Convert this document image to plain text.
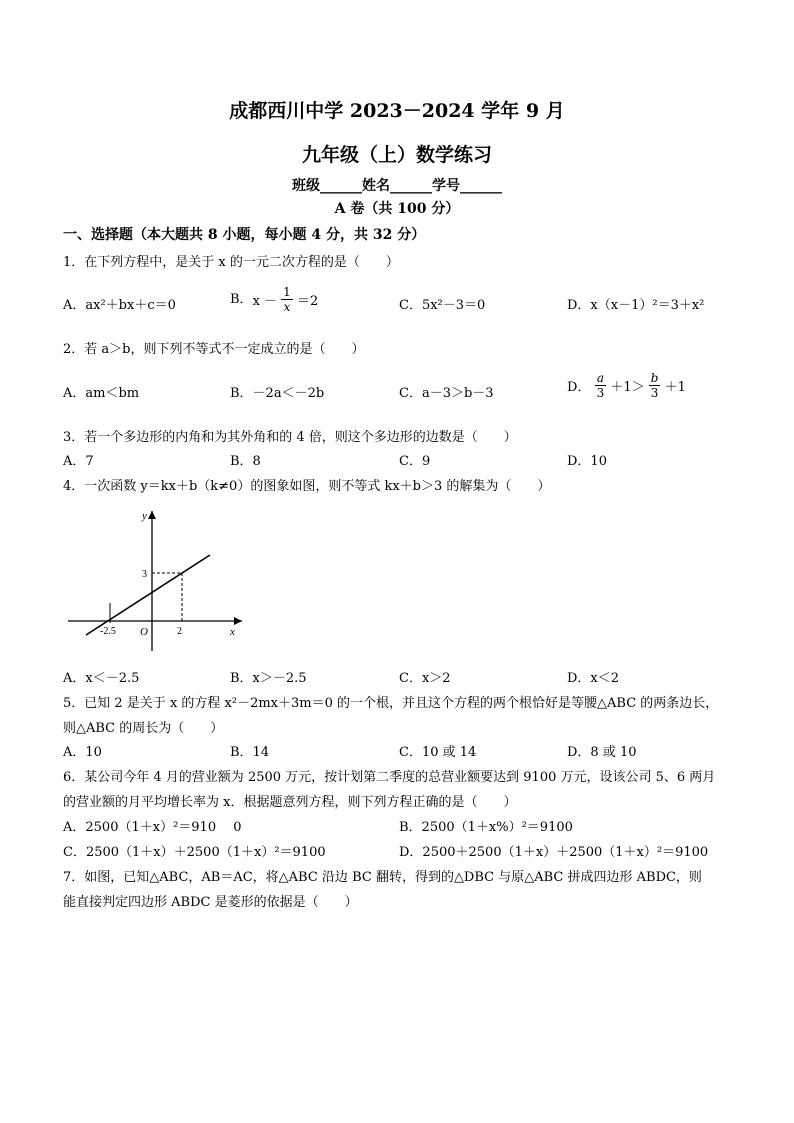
成都西川中学 2023－2024 学年 9 月
九年级（上）数学练习
班级______姓名______学号______
A 卷（共 100 分）
一、选择题（本大题共 8 小题，每小题 4 分，共 32 分）
1．在下列方程中，是关于 x 的一元二次方程的是（　　）
A．ax²＋bx＋c＝0	B．$x - \frac{1}{x} =2$	C．5x²－3＝0	D．x（x－1）²＝3＋x²
2．若 a＞b，则下列不等式不一定成立的是（　　）
A．am＜bm	B．－2a＜－2b	C．a－3＞b－3	D． $\frac{a}{3} +1> \frac{b}{3} +1$
3．若一个多边形的内角和为其外角和的 4 倍，则这个多边形的边数是（　　）
A．7	B．8	C．9	D．10
4．一次函数 y＝kx＋b（k≠0）的图象如图，则不等式 kx＋b＞3 的解集为（　　）
y
x
O
-2.5	2
3
A．x＜－2.5	B．x＞－2.5	C．x＞2	D．x＜2
5．已知 2 是关于 x 的方程 x²－2mx＋3m＝0 的一个根，并且这个方程的两个根恰好是等腰△ABC 的两条边长，
则△ABC 的周长为（　　）
A．10	B．14	C．10 或 14	D．8 或 10
6．某公司今年 4 月的营业额为 2500 万元，按计划第二季度的总营业额要达到 9100 万元，设该公司 5、6 两月
的营业额的月平均增长率为 x．根据题意列方程，则下列方程正确的是（　　）
A．2500（1＋x）²＝910　 0	B．2500（1＋x%）²＝9100
C．2500（1＋x）＋2500（1＋x）²＝9100	D．2500＋2500（1＋x）＋2500（1＋x）²＝9100
7．如图，已知△ABC，AB＝AC，将△ABC 沿边 BC 翻转，得到的△DBC 与原△ABC 拼成四边形 ABDC，则
能直接判定四边形 ABDC 是菱形的依据是（　　）
